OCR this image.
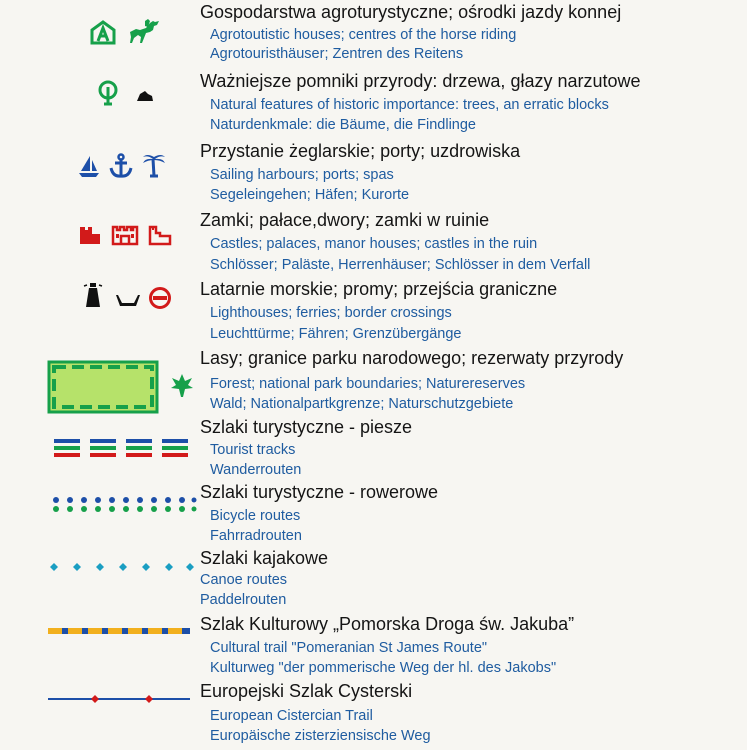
Gospodarstwa agroturystyczne; ośrodki jazdy konnej
Agrotoutistic houses; centres of the horse riding
Agrotouristhäuser; Zentren des Reitens
Ważniejsze pomniki przyrody: drzewa, głazy narzutowe
Natural features of historic importance: trees, an erratic blocks
Naturdenkmale: die Bäume, die Findlinge
Przystanie żeglarskie; porty; uzdrowiska
Sailing harbours; ports; spas
Segeleingehen; Häfen; Kurorte
Zamki; pałace,dwory; zamki w ruinie
Castles; palaces, manor houses; castles in the ruin
Schlösser; Paläste, Herrenhäuser; Schlösser in dem Verfall
Latarnie morskie; promy; przejścia graniczne
Lighthouses; ferries; border crossings
Leuchttürme; Fähren; Grenzübergänge
Lasy; granice parku narodowego; rezerwaty przyrody
Forest; national park boundaries; Naturereserves
Wald; Nationalpartkgrenze; Naturschutzgebiete
Szlaki turystyczne - piesze
Tourist tracks
Wanderrouten
Szlaki turystyczne - rowerowe
Bicycle routes
Fahrradrouten
Szlaki kajakowe
Canoe routes
Paddelrouten
Szlak Kulturowy „Pomorska Droga św. Jakuba”
Cultural trail "Pomeranian St James Route"
Kulturweg "der pommerische Weg der hl. des Jakobs"
Europejski Szlak Cysterski
European Cistercian Trail
Europäische zisterziensische Weg
